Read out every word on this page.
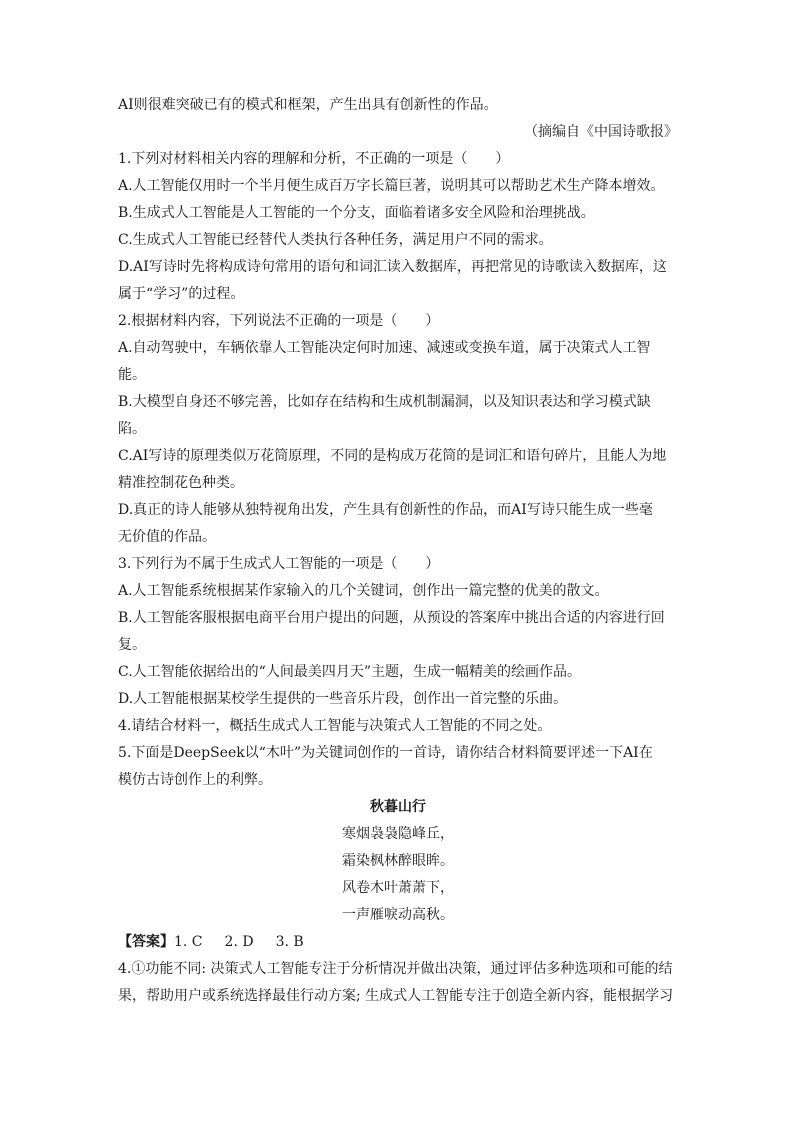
AI则很难突破已有的模式和框架，产生出具有创新性的作品。

（摘编自《中国诗歌报》

1.下列对材料相关内容的理解和分析，不正确的一项是（　　）

A.人工智能仅用时一个半月便生成百万字长篇巨著，说明其可以帮助艺术生产降本增效。

B.生成式人工智能是人工智能的一个分支，面临着诸多安全风险和治理挑战。

C.生成式人工智能已经替代人类执行各种任务，满足用户不同的需求。

D.AI写诗时先将构成诗句常用的语句和词汇读入数据库，再把常见的诗歌读入数据库，这

属于“学习”的过程。

2.根据材料内容，下列说法不正确的一项是（　　）

A.自动驾驶中，车辆依靠人工智能决定何时加速、减速或变换车道，属于决策式人工智

能。

B.大模型自身还不够完善，比如存在结构和生成机制漏洞，以及知识表达和学习模式缺

陷。

C.AI写诗的原理类似万花筒原理，不同的是构成万花筒的是词汇和语句碎片，且能人为地

精准控制花色种类。

D.真正的诗人能够从独特视角出发，产生具有创新性的作品，而AI写诗只能生成一些毫

无价值的作品。

3.下列行为不属于生成式人工智能的一项是（　　）

A.人工智能系统根据某作家输入的几个关键词，创作出一篇完整的优美的散文。

B.人工智能客服根据电商平台用户提出的问题，从预设的答案库中挑出合适的内容进行回

复。

C.人工智能依据给出的“人间最美四月天”主题，生成一幅精美的绘画作品。

D.人工智能根据某校学生提供的一些音乐片段，创作出一首完整的乐曲。

4.请结合材料一，概括生成式人工智能与决策式人工智能的不同之处。

5.下面是DeepSeek以“木叶”为关键词创作的一首诗，请你结合材料简要评述一下AI在

模仿古诗创作上的利弊。

秋暮山行

寒烟袅袅隐峰丘，

霜染枫林醉眼眸。

风卷木叶萧萧下，

一声雁唳动高秋。

【答案】1. C 2. D 3. B

4.①功能不同: 决策式人工智能专注于分析情况并做出决策，通过评估多种选项和可能的结

果，帮助用户或系统选择最佳行动方案; 生成式人工智能专注于创造全新内容，能根据学习
